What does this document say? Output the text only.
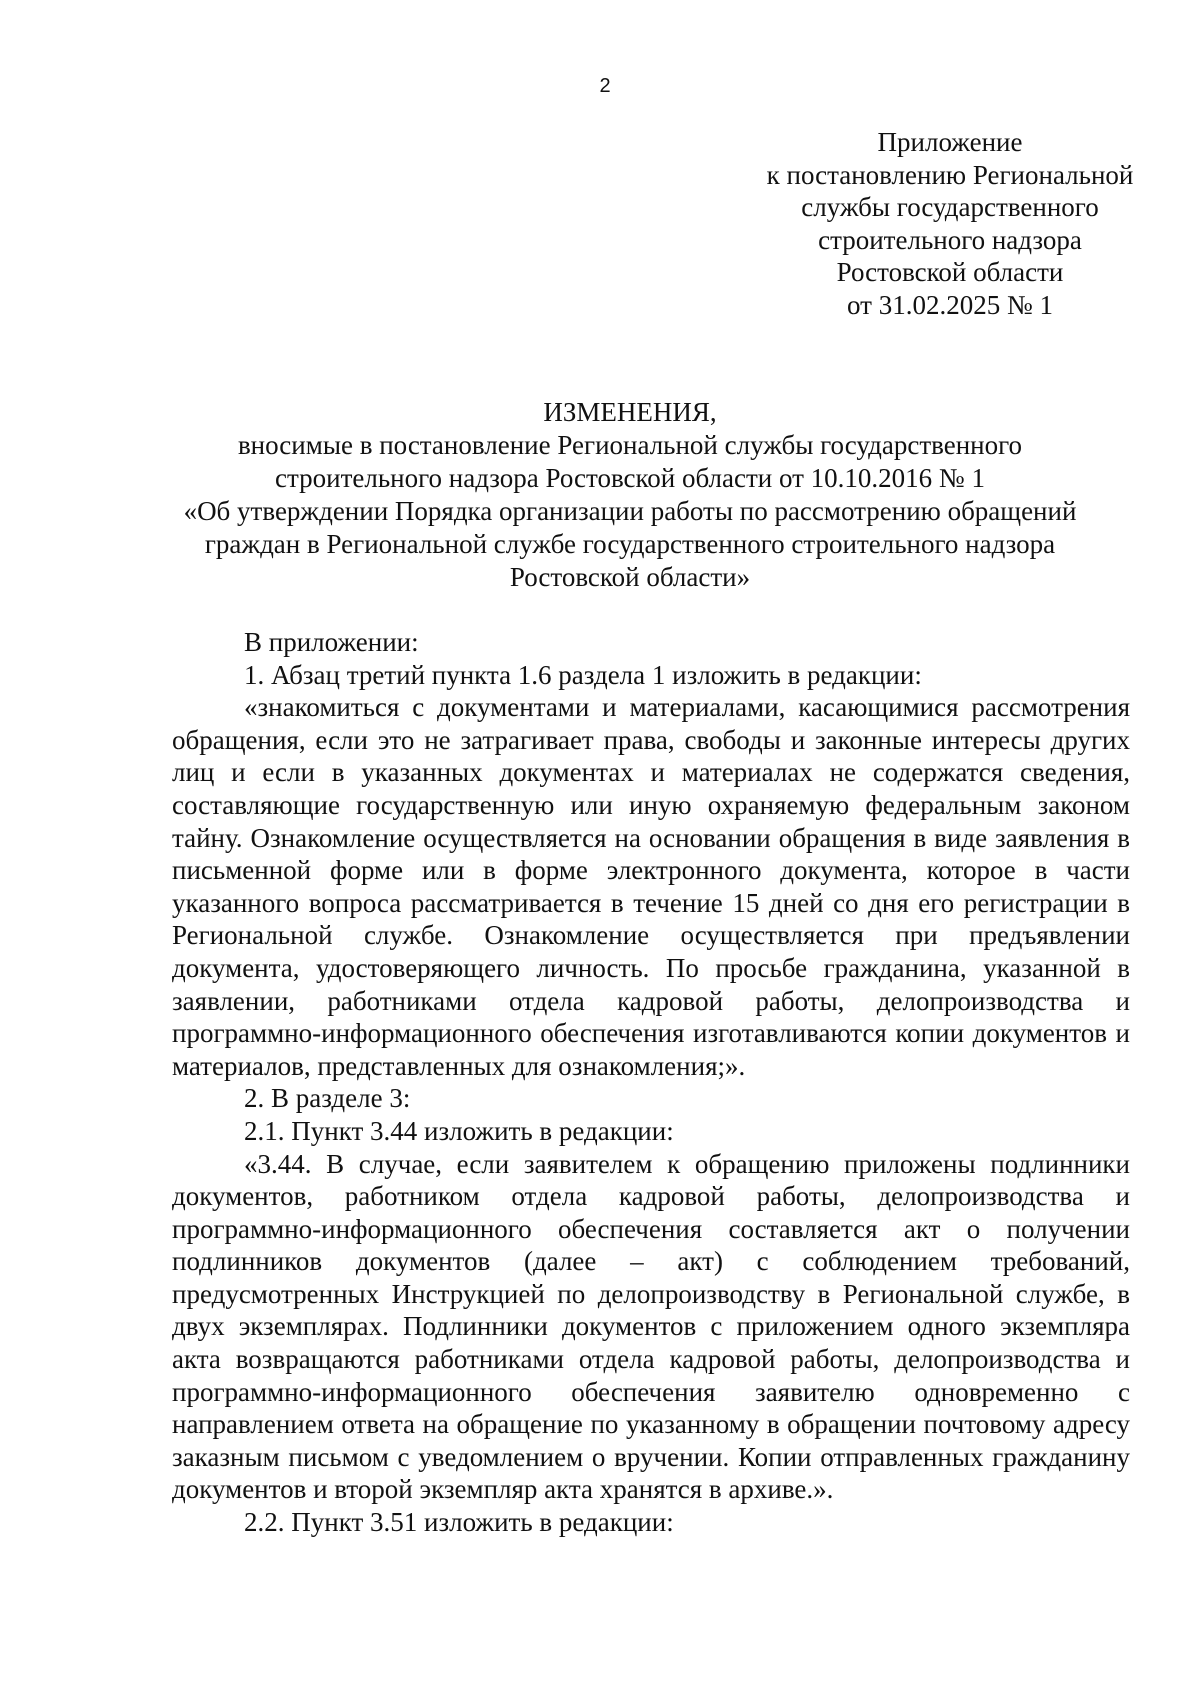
2
Приложение
к постановлению Региональной
службы государственного
строительного надзора
Ростовской области
от 31.02.2025 № 1
ИЗМЕНЕНИЯ,
вносимые в постановление Региональной службы государственного
строительного надзора Ростовской области от 10.10.2016 № 1
«Об утверждении Порядка организации работы по рассмотрению обращений
граждан в Региональной службе государственного строительного надзора
Ростовской области»

В приложении:

1. Абзац третий пункта 1.6 раздела 1 изложить в редакции:

«знакомиться с документами и материалами, касающимися рассмотрения обращения, если это не затрагивает права, свободы и законные интересы других лиц и если в указанных документах и материалах не содержатся сведения, составляющие государственную или иную охраняемую федеральным законом тайну. Ознакомление осуществляется на основании обращения в виде заявления в письменной форме или в форме электронного документа, которое в части указанного вопроса рассматривается в течение 15 дней со дня его регистрации в Региональной службе. Ознакомление осуществляется при предъявлении документа, удостоверяющего личность. По просьбе гражданина, указанной в заявлении, работниками отдела кадровой работы, делопроизводства и программно-информационного обеспечения изготавливаются копии документов и материалов, представленных для ознакомления;».

2. В разделе 3:

2.1. Пункт 3.44 изложить в редакции:

«3.44. В случае, если заявителем к обращению приложены подлинники документов, работником отдела кадровой работы, делопроизводства и программно-информационного обеспечения составляется акт о получении подлинников документов (далее – акт) с соблюдением требований, предусмотренных Инструкцией по делопроизводству в Региональной службе, в двух экземплярах. Подлинники документов с приложением одного экземпляра акта возвращаются работниками отдела кадровой работы, делопроизводства и программно-информационного обеспечения заявителю одновременно с направлением ответа на обращение по указанному в обращении почтовому адресу заказным письмом с уведомлением о вручении. Копии отправленных гражданину документов и второй экземпляр акта хранятся в архиве.».

2.2. Пункт 3.51 изложить в редакции:
